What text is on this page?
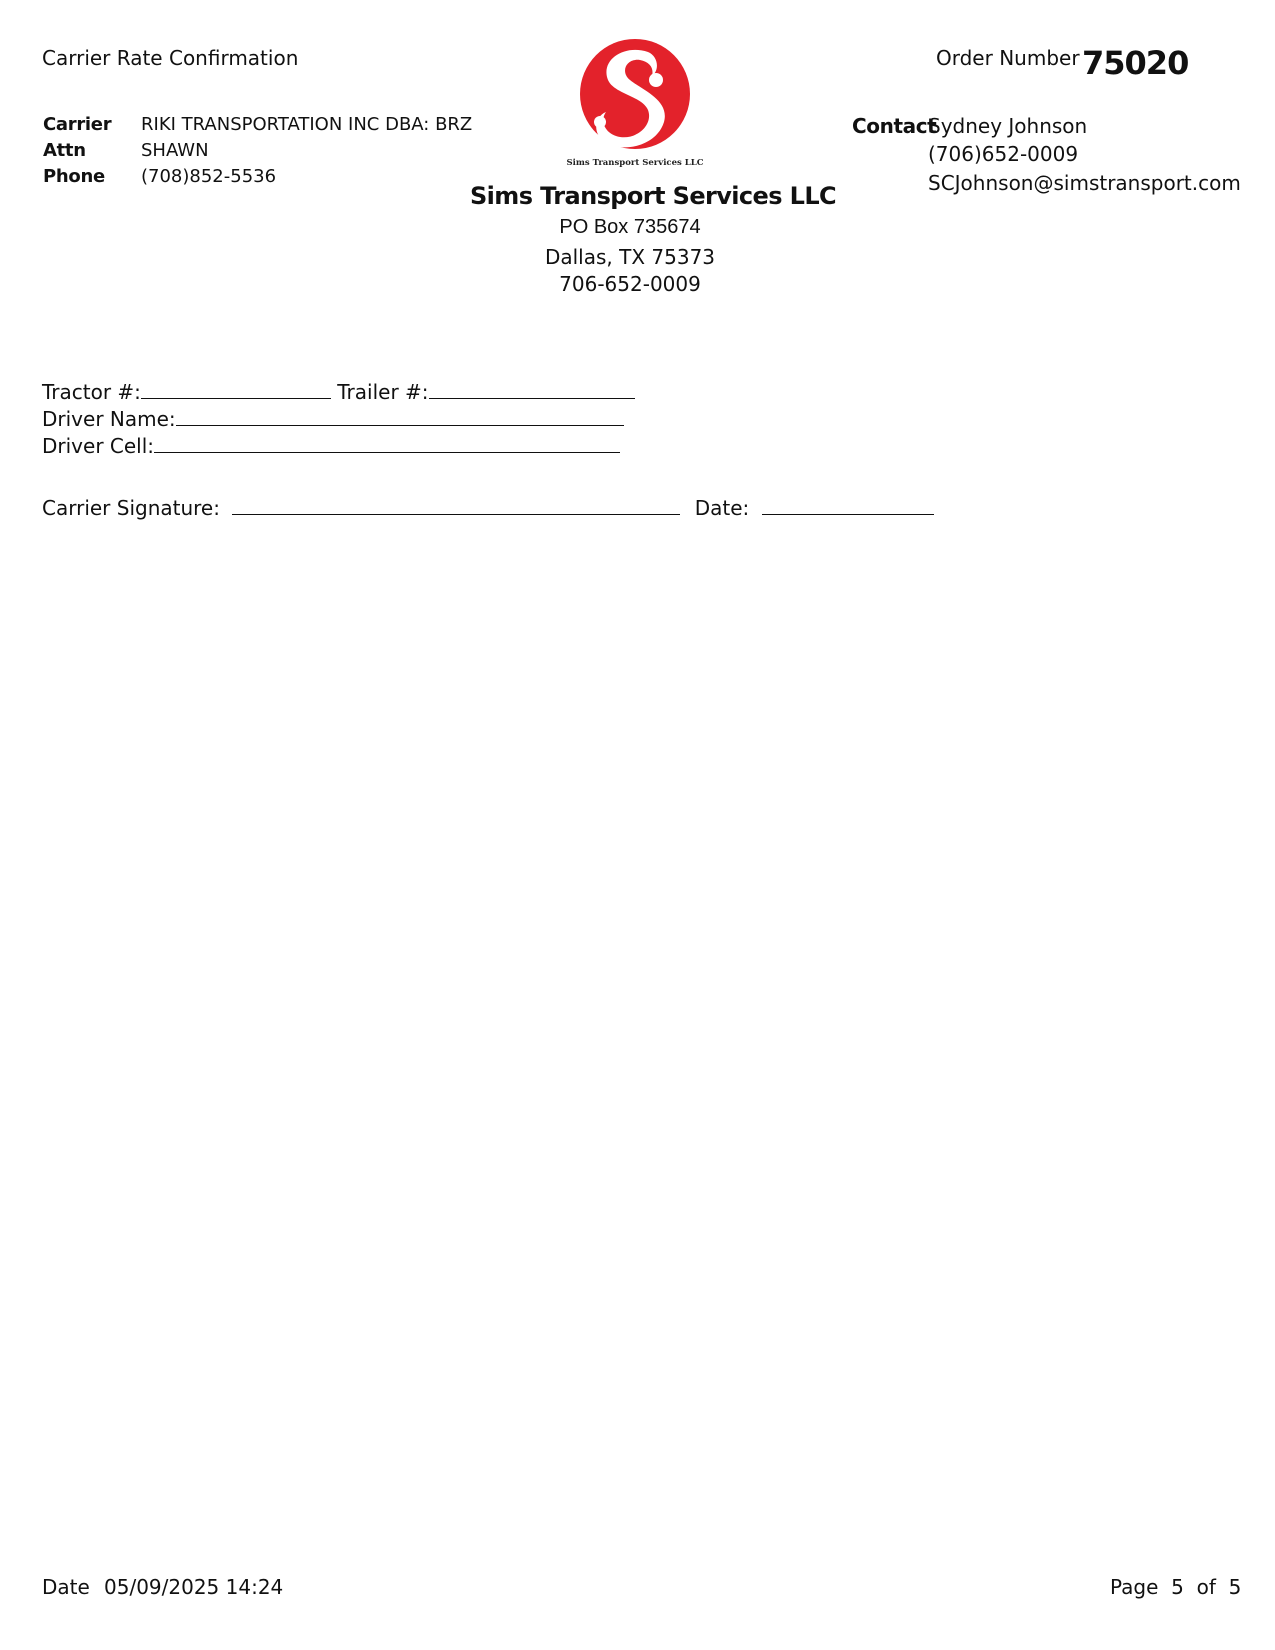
Carrier Rate Confirmation
Carrier RIKI TRANSPORTATION INC DBA: BRZ
Attn	SHAWN
Phone (708)852-5536
Sims Transport Services LLC
Sims Transport Services LLC
PO Box 735674
Dallas, TX 75373
706-652-0009
Order Number 75020
Contact
Sydney Johnson
(706)652-0009
SCJohnson@simstransport.com
Tractor #:	Trailer #:
Driver Name:
Driver Cell:
Carrier Signature:	Date:
Date 05/09/2025 14:24	Page 5 of 5
